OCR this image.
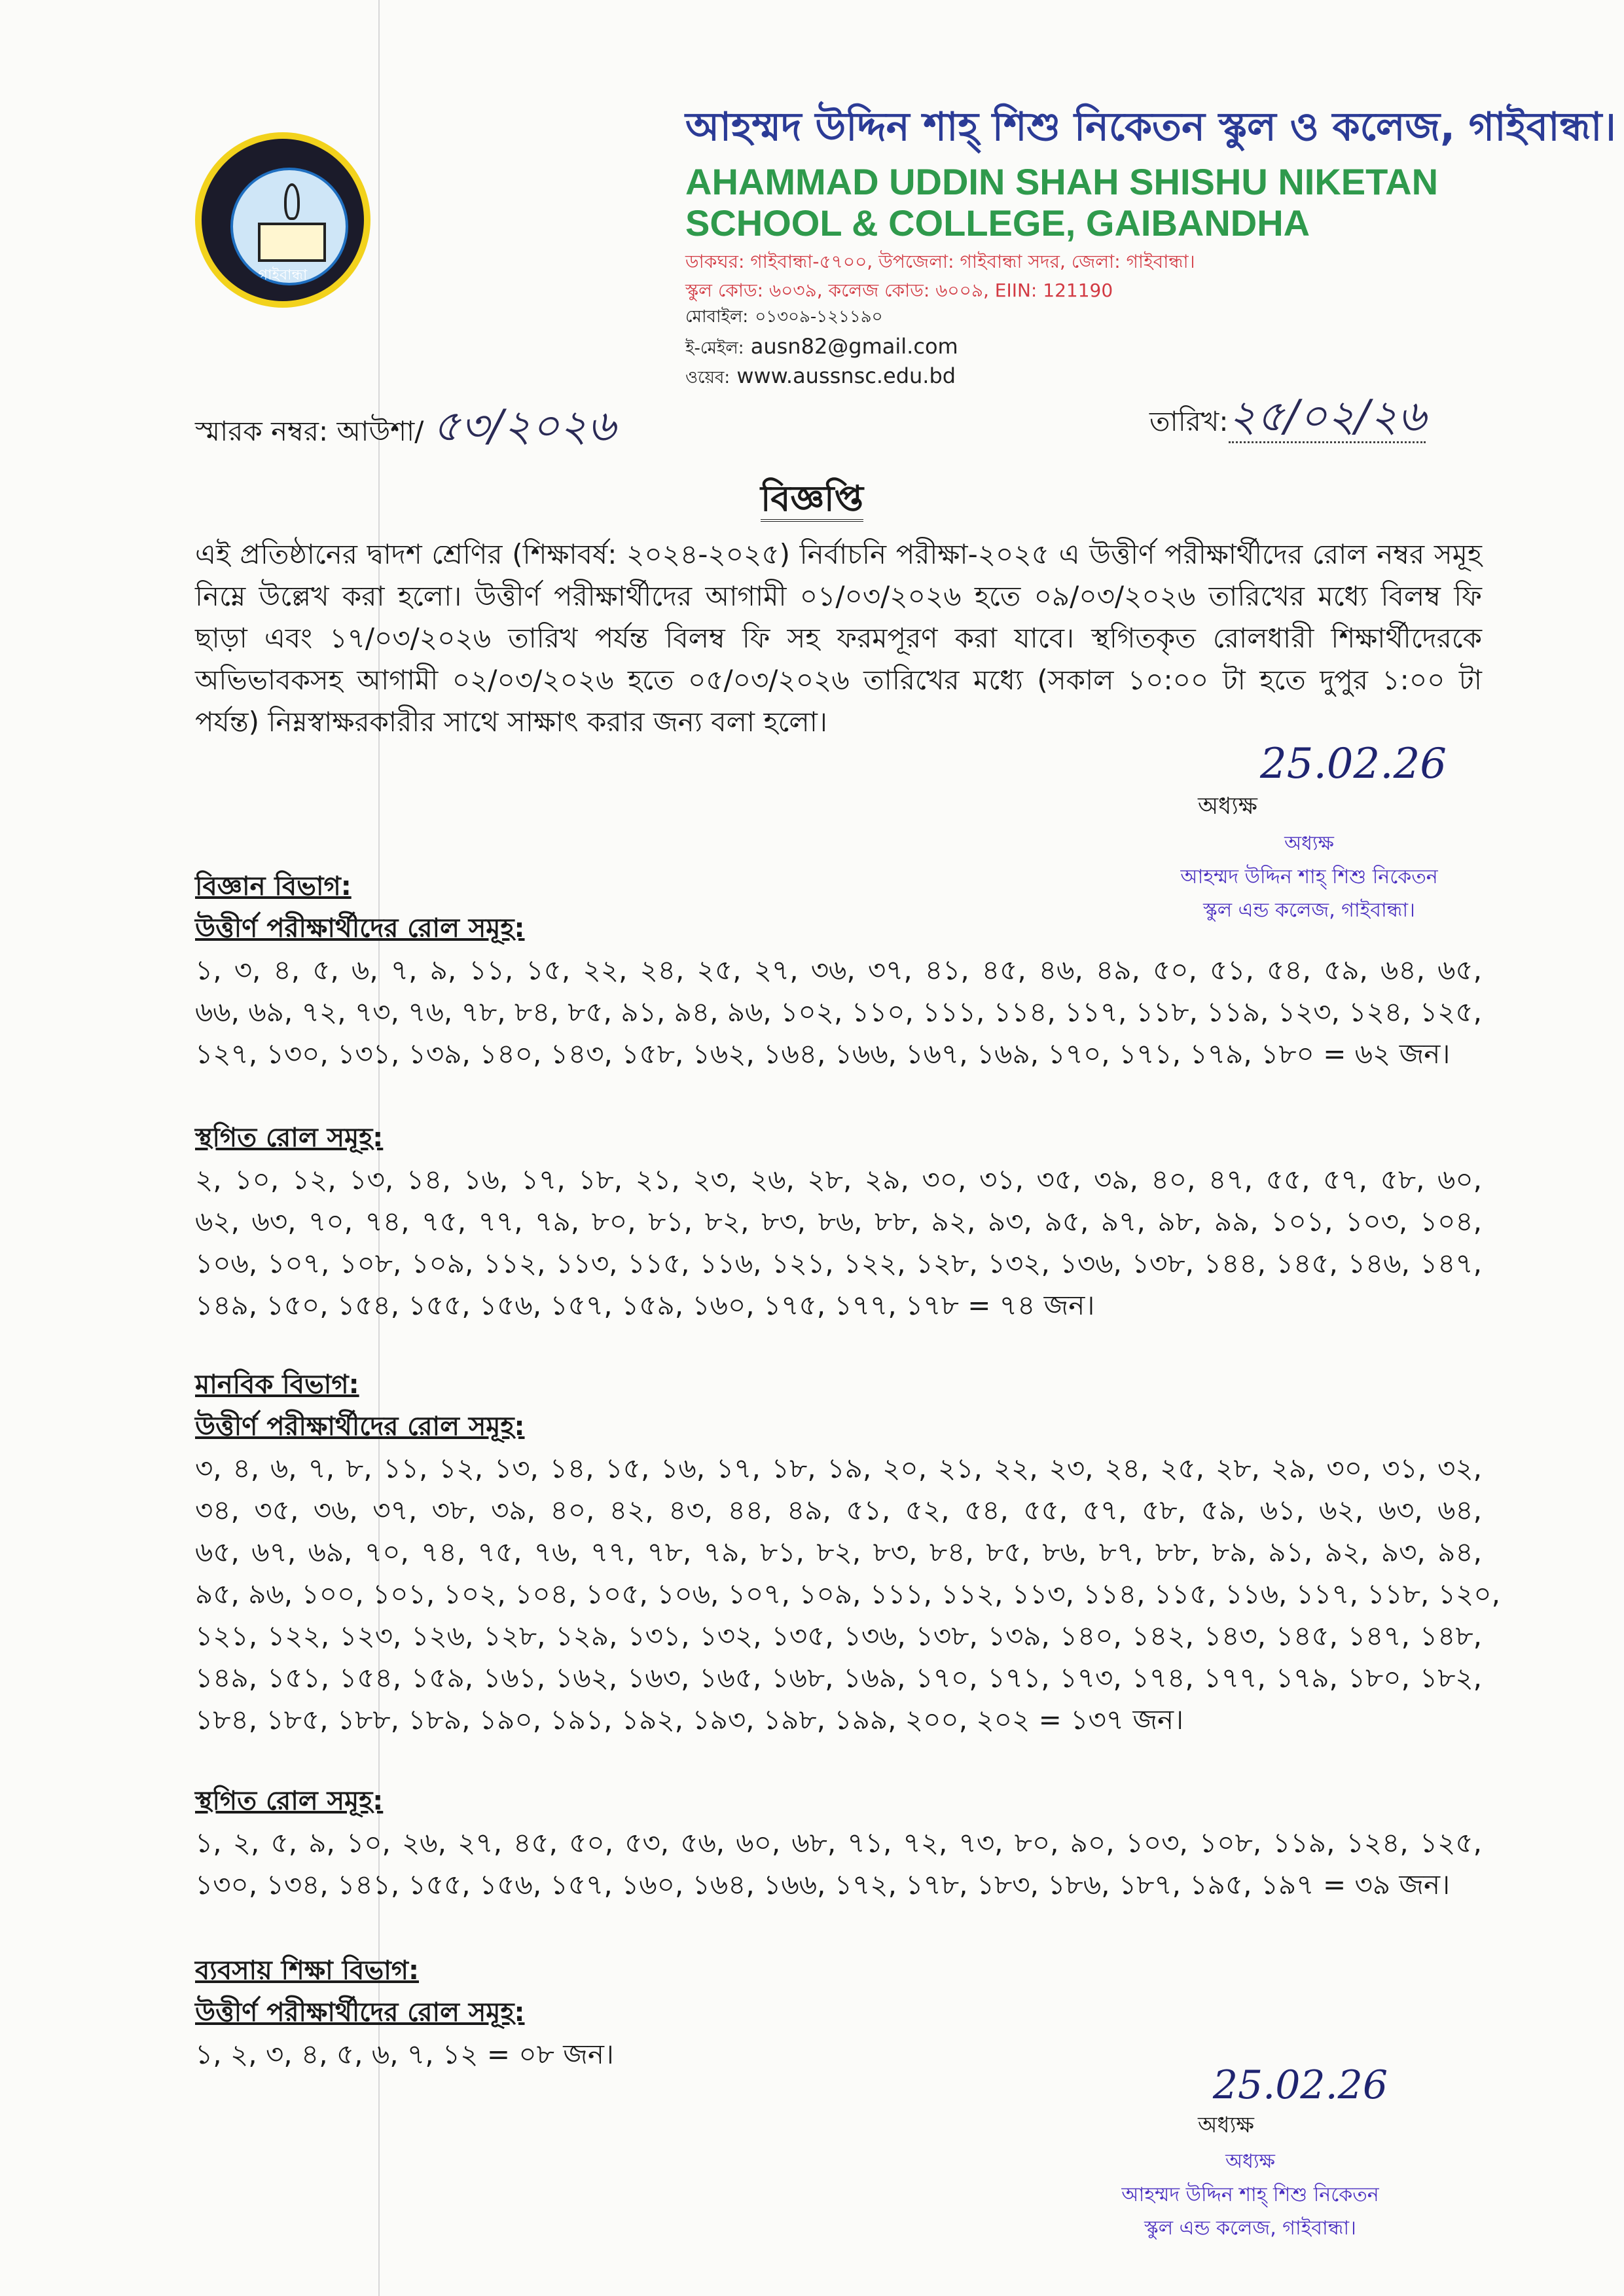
গাইবান্ধা
আহম্মদ উদ্দিন শাহ্ শিশু নিকেতন স্কুল ও কলেজ, গাইবান্ধা।
AHAMMAD UDDIN SHAH SHISHU NIKETAN
SCHOOL & COLLEGE, GAIBANDHA
ডাকঘর: গাইবান্ধা-৫৭০০, উপজেলা: গাইবান্ধা সদর, জেলা: গাইবান্ধা।
স্কুল কোড: ৬০৩৯, কলেজ কোড: ৬০০৯, EIIN: 121190
মোবাইল: ০১৩০৯-১২১১৯০
ই-মেইল: ausn82@gmail.com
ওয়েব: www.aussnsc.edu.bd
স্মারক নম্বর: আউশা/ ৫৩/২০২৬	তারিখ:২৫/০২/২৬
বিজ্ঞপ্তি
এই প্রতিষ্ঠানের দ্বাদশ শ্রেণির (শিক্ষাবর্ষ: ২০২৪-২০২৫) নির্বাচনি পরীক্ষা-২০২৫ এ উত্তীর্ণ পরীক্ষার্থীদের রোল নম্বর সমূহ নিম্নে উল্লেখ করা হলো। উত্তীর্ণ পরীক্ষার্থীদের আগামী ০১/০৩/২০২৬ হতে ০৯/০৩/২০২৬ তারিখের মধ্যে বিলম্ব ফি ছাড়া এবং ১৭/০৩/২০২৬ তারিখ পর্যন্ত বিলম্ব ফি সহ ফরমপূরণ করা যাবে। স্থগিতকৃত রোলধারী শিক্ষার্থীদেরকে অভিভাবকসহ আগামী ০২/০৩/২০২৬ হতে ০৫/০৩/২০২৬ তারিখের মধ্যে (সকাল ১০:০০ টা হতে দুপুর ১:০০ টা পর্যন্ত) নিম্নস্বাক্ষরকারীর সাথে সাক্ষাৎ করার জন্য বলা হলো।
25.02.26
অধ্যক্ষ
অধ্যক্ষ
আহম্মদ উদ্দিন শাহ্ শিশু নিকেতন
স্কুল এন্ড কলেজ, গাইবান্ধা।
বিজ্ঞান বিভাগ:
উত্তীর্ণ পরীক্ষার্থীদের রোল সমূহ:
১, ৩, ৪, ৫, ৬, ৭, ৯, ১১, ১৫, ২২, ২৪, ২৫, ২৭, ৩৬, ৩৭, ৪১, ৪৫, ৪৬, ৪৯, ৫০, ৫১, ৫৪, ৫৯, ৬৪, ৬৫,
৬৬, ৬৯, ৭২, ৭৩, ৭৬, ৭৮, ৮৪, ৮৫, ৯১, ৯৪, ৯৬, ১০২, ১১০, ১১১, ১১৪, ১১৭, ১১৮, ১১৯, ১২৩, ১২৪, ১২৫,
১২৭, ১৩০, ১৩১, ১৩৯, ১৪০, ১৪৩, ১৫৮, ১৬২, ১৬৪, ১৬৬, ১৬৭, ১৬৯, ১৭০, ১৭১, ১৭৯, ১৮০ = ৬২ জন।
স্থগিত রোল সমূহ:
২, ১০, ১২, ১৩, ১৪, ১৬, ১৭, ১৮, ২১, ২৩, ২৬, ২৮, ২৯, ৩০, ৩১, ৩৫, ৩৯, ৪০, ৪৭, ৫৫, ৫৭, ৫৮, ৬০,
৬২, ৬৩, ৭০, ৭৪, ৭৫, ৭৭, ৭৯, ৮০, ৮১, ৮২, ৮৩, ৮৬, ৮৮, ৯২, ৯৩, ৯৫, ৯৭, ৯৮, ৯৯, ১০১, ১০৩, ১০৪,
১০৬, ১০৭, ১০৮, ১০৯, ১১২, ১১৩, ১১৫, ১১৬, ১২১, ১২২, ১২৮, ১৩২, ১৩৬, ১৩৮, ১৪৪, ১৪৫, ১৪৬, ১৪৭,
১৪৯, ১৫০, ১৫৪, ১৫৫, ১৫৬, ১৫৭, ১৫৯, ১৬০, ১৭৫, ১৭৭, ১৭৮ = ৭৪ জন।
মানবিক বিভাগ:
উত্তীর্ণ পরীক্ষার্থীদের রোল সমূহ:
৩, ৪, ৬, ৭, ৮, ১১, ১২, ১৩, ১৪, ১৫, ১৬, ১৭, ১৮, ১৯, ২০, ২১, ২২, ২৩, ২৪, ২৫, ২৮, ২৯, ৩০, ৩১, ৩২,
৩৪, ৩৫, ৩৬, ৩৭, ৩৮, ৩৯, ৪০, ৪২, ৪৩, ৪৪, ৪৯, ৫১, ৫২, ৫৪, ৫৫, ৫৭, ৫৮, ৫৯, ৬১, ৬২, ৬৩, ৬৪,
৬৫, ৬৭, ৬৯, ৭০, ৭৪, ৭৫, ৭৬, ৭৭, ৭৮, ৭৯, ৮১, ৮২, ৮৩, ৮৪, ৮৫, ৮৬, ৮৭, ৮৮, ৮৯, ৯১, ৯২, ৯৩, ৯৪,
৯৫, ৯৬, ১০০, ১০১, ১০২, ১০৪, ১০৫, ১০৬, ১০৭, ১০৯, ১১১, ১১২, ১১৩, ১১৪, ১১৫, ১১৬, ১১৭, ১১৮, ১২০,
১২১, ১২২, ১২৩, ১২৬, ১২৮, ১২৯, ১৩১, ১৩২, ১৩৫, ১৩৬, ১৩৮, ১৩৯, ১৪০, ১৪২, ১৪৩, ১৪৫, ১৪৭, ১৪৮,
১৪৯, ১৫১, ১৫৪, ১৫৯, ১৬১, ১৬২, ১৬৩, ১৬৫, ১৬৮, ১৬৯, ১৭০, ১৭১, ১৭৩, ১৭৪, ১৭৭, ১৭৯, ১৮০, ১৮২,
১৮৪, ১৮৫, ১৮৮, ১৮৯, ১৯০, ১৯১, ১৯২, ১৯৩, ১৯৮, ১৯৯, ২০০, ২০২ = ১৩৭ জন।
স্থগিত রোল সমূহ:
১, ২, ৫, ৯, ১০, ২৬, ২৭, ৪৫, ৫০, ৫৩, ৫৬, ৬০, ৬৮, ৭১, ৭২, ৭৩, ৮০, ৯০, ১০৩, ১০৮, ১১৯, ১২৪, ১২৫,
১৩০, ১৩৪, ১৪১, ১৫৫, ১৫৬, ১৫৭, ১৬০, ১৬৪, ১৬৬, ১৭২, ১৭৮, ১৮৩, ১৮৬, ১৮৭, ১৯৫, ১৯৭ = ৩৯ জন।
ব্যবসায় শিক্ষা বিভাগ:
উত্তীর্ণ পরীক্ষার্থীদের রোল সমূহ:
১, ২, ৩, ৪, ৫, ৬, ৭, ১২ = ০৮ জন।
25.02.26
অধ্যক্ষ
অধ্যক্ষ
আহম্মদ উদ্দিন শাহ্ শিশু নিকেতন
স্কুল এন্ড কলেজ, গাইবান্ধা।
